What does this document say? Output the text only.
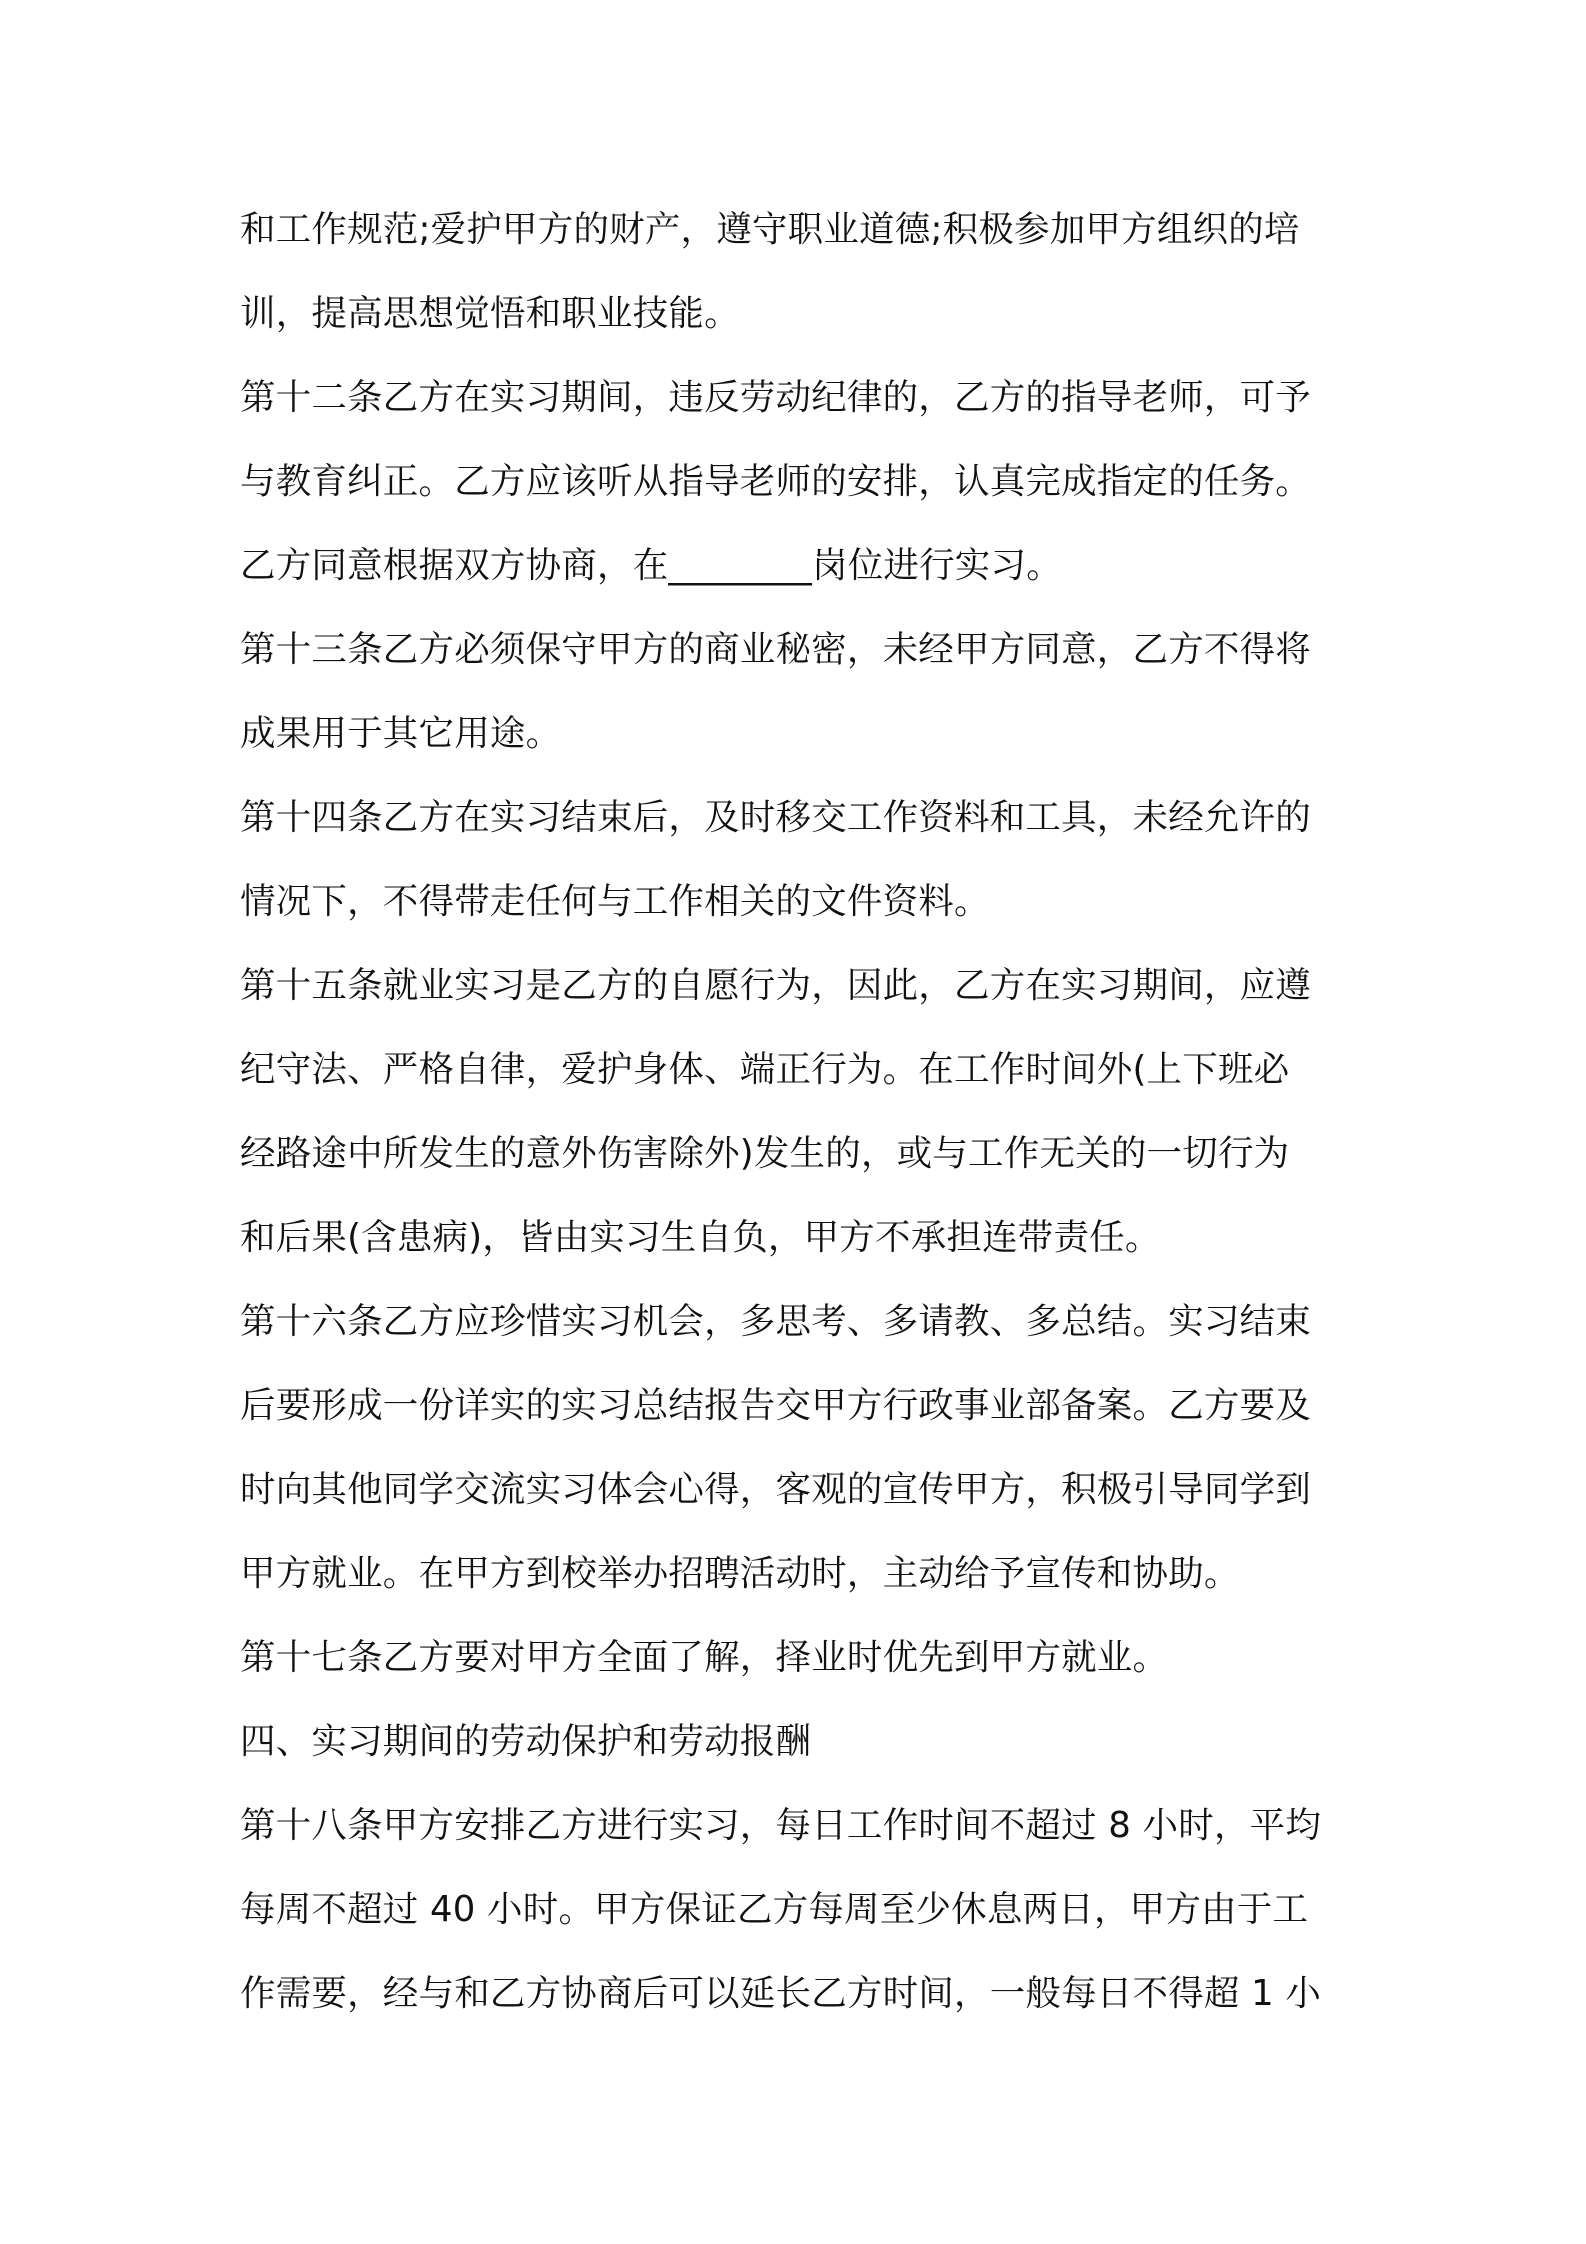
和工作规范;爱护甲方的财产，遵守职业道德;积极参加甲方组织的培
训，提高思想觉悟和职业技能。
第十二条乙方在实习期间，违反劳动纪律的，乙方的指导老师，可予
与教育纠正。乙方应该听从指导老师的安排，认真完成指定的任务。
乙方同意根据双方协商，在________岗位进行实习。
第十三条乙方必须保守甲方的商业秘密，未经甲方同意，乙方不得将
成果用于其它用途。
第十四条乙方在实习结束后，及时移交工作资料和工具，未经允许的
情况下，不得带走任何与工作相关的文件资料。
第十五条就业实习是乙方的自愿行为，因此，乙方在实习期间，应遵
纪守法、严格自律，爱护身体、端正行为。在工作时间外(上下班必
经路途中所发生的意外伤害除外)发生的，或与工作无关的一切行为
和后果(含患病)，皆由实习生自负，甲方不承担连带责任。
第十六条乙方应珍惜实习机会，多思考、多请教、多总结。实习结束
后要形成一份详实的实习总结报告交甲方行政事业部备案。乙方要及
时向其他同学交流实习体会心得，客观的宣传甲方，积极引导同学到
甲方就业。在甲方到校举办招聘活动时，主动给予宣传和协助。
第十七条乙方要对甲方全面了解，择业时优先到甲方就业。
四、实习期间的劳动保护和劳动报酬
第十八条甲方安排乙方进行实习，每日工作时间不超过 8 小时，平均
每周不超过 40 小时。甲方保证乙方每周至少休息两日，甲方由于工
作需要，经与和乙方协商后可以延长乙方时间，一般每日不得超 1 小
